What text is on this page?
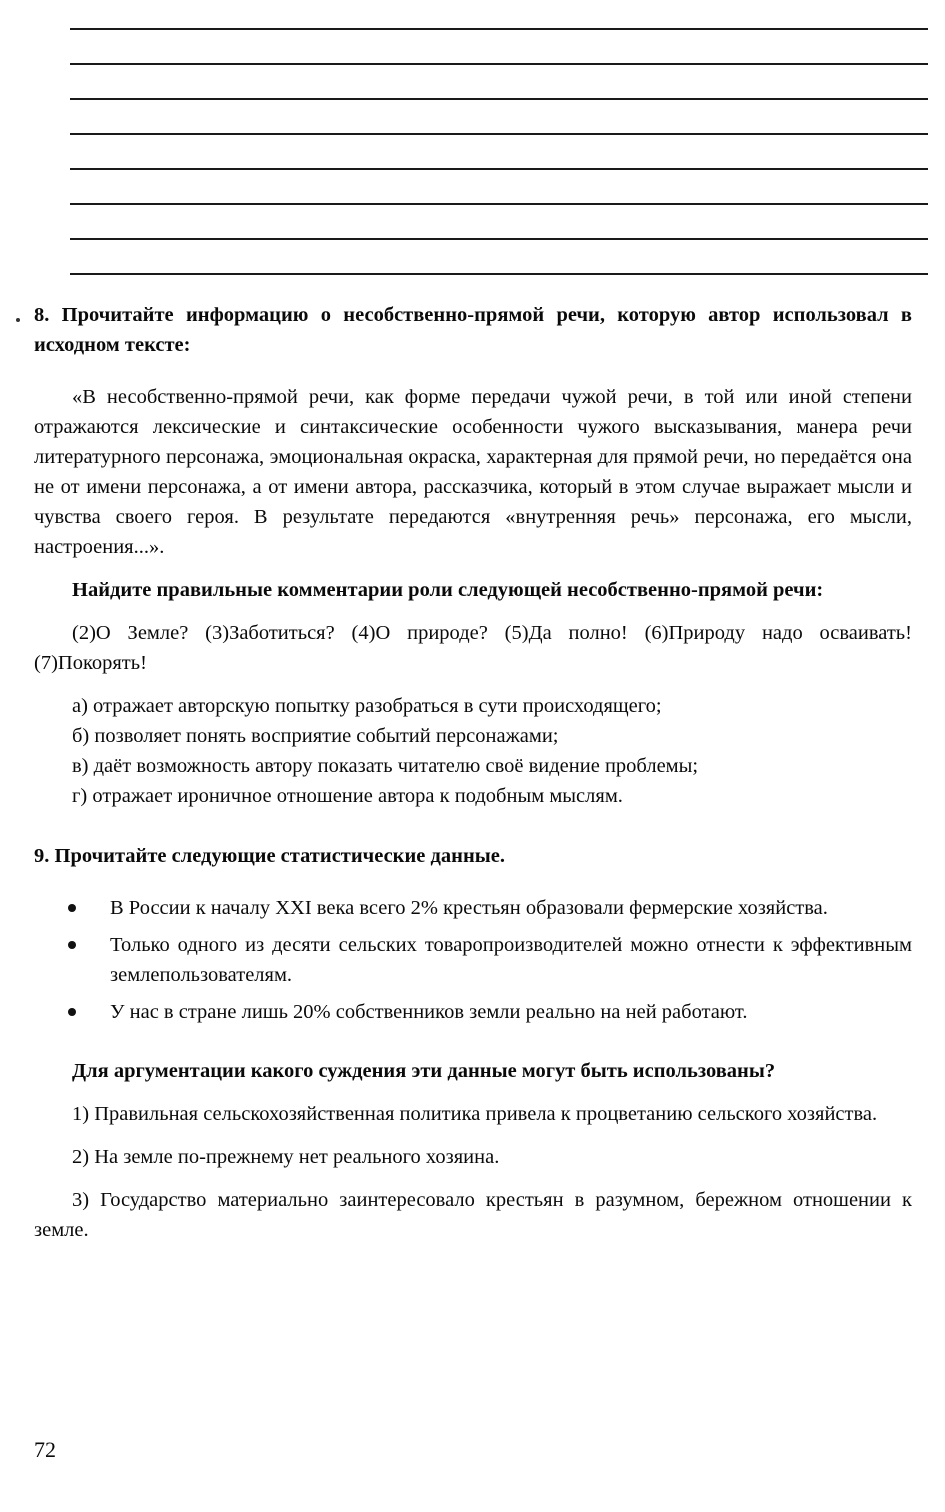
8. Прочитайте информацию о несобственно-прямой речи, которую автор использовал в исходном тексте:

«В несобственно-прямой речи, как форме передачи чужой речи, в той или иной степени отражаются лексические и синтаксические особенности чужого высказывания, манера речи литературного персонажа, эмоциональная окраска, характерная для прямой речи, но передаётся она не от имени персонажа, а от имени автора, рассказчика, который в этом случае выражает мысли и чувства своего героя. В результате передаются «внутренняя речь» персонажа, его мысли, настроения...».

Найдите правильные комментарии роли следующей несобственно-прямой речи:

(2)О Земле? (3)Заботиться? (4)О природе? (5)Да полно! (6)Природу надо осваивать! (7)Покорять!

а) отражает авторскую попытку разобраться в сути происходящего;

б) позволяет понять восприятие событий персонажами;

в) даёт возможность автору показать читателю своё видение проблемы;

г) отражает ироничное отношение автора к подобным мыслям.

9. Прочитайте следующие статистические данные.
В России к началу XXI века всего 2% крестьян образовали фермерские хозяйства.
Только одного из десяти сельских товаропроизводителей можно отнести к эффективным землепользователям.
У нас в стране лишь 20% собственников земли реально на ней работают.

Для аргументации какого суждения эти данные могут быть использованы?

1) Правильная сельскохозяйственная политика привела к процветанию сельского хозяйства.

2) На земле по-прежнему нет реального хозяина.

3) Государство материально заинтересовало крестьян в разумном, бережном отношении к земле.

72
